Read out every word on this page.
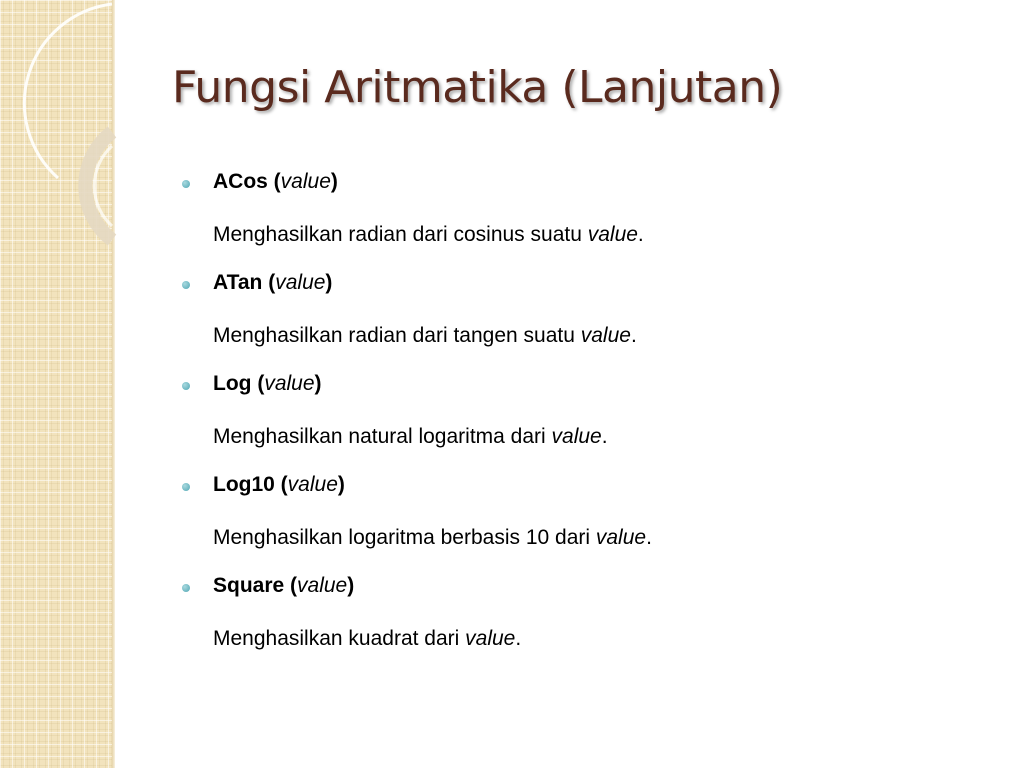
Fungsi Aritmatika (Lanjutan)
ACos (value)
Menghasilkan radian dari cosinus suatu value.
ATan (value)
Menghasilkan radian dari tangen suatu value.
Log (value)
Menghasilkan natural logaritma dari value.
Log10 (value)
Menghasilkan logaritma berbasis 10 dari value.
Square (value)
Menghasilkan kuadrat dari value.
